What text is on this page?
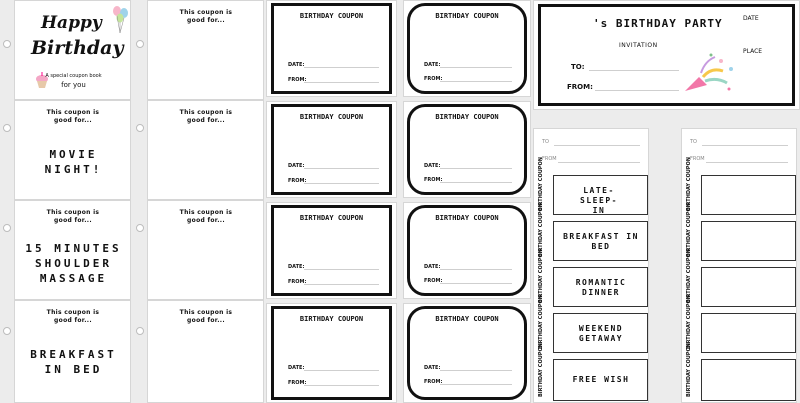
Happy
Birthday
A special coupon book
for you
This coupon is good for...
MOVIE NIGHT!
This coupon is good for...
15 MINUTES SHOULDER MASSAGE
This coupon is good for...
BREAKFAST IN BED
This coupon is good for...
This coupon is good for...
This coupon is good for...
This coupon is good for...
BIRTHDAY COUPON
DATE:
FROM:
BIRTHDAY COUPON
DATE:
FROM:
BIRTHDAY COUPON
DATE:
FROM:
BIRTHDAY COUPON
DATE:
FROM:
BIRTHDAY COUPON
DATE:
FROM:
BIRTHDAY COUPON
DATE:
FROM:
BIRTHDAY COUPON
DATE:
FROM:
BIRTHDAY COUPON
DATE:
FROM:
's BIRTHDAY PARTY
INVITATION
DATE
PLACE
TO:
FROM:
TO
FROM
BIRTHDAY COUPON	LATE-SLEEP-IN
BIRTHDAY COUPON BREAKFAST IN BED
BIRTHDAY COUPON	ROMANTIC DINNER
BIRTHDAY COUPON	WEEKEND GETAWAY
BIRTHDAY COUPON	FREE WISH
TO
FROM
BIRTHDAY COUPON
BIRTHDAY COUPON
BIRTHDAY COUPON
BIRTHDAY COUPON
BIRTHDAY COUPON
